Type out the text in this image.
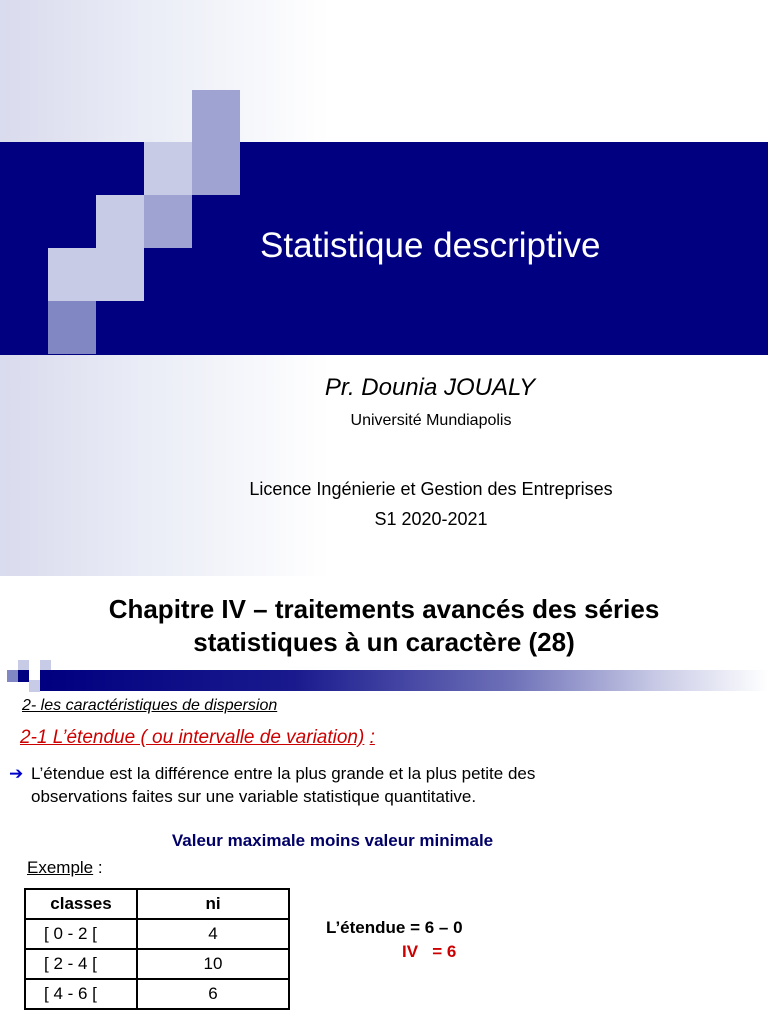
Statistique descriptive
Pr. Dounia JOUALY
Université Mundiapolis
Licence Ingénierie et Gestion des Entreprises
S1 2020-2021
Chapitre IV – traitements avancés des séries
statistiques à un caractère (28)
2- les caractéristiques de dispersion
2-1 L’étendue ( ou intervalle de variation) :
➔ L’étendue est la différence entre la plus grande et la plus petite des
observations faites sur une variable statistique quantitative.
Valeur maximale moins valeur minimale
Exemple :
classes	ni
[ 0 - 2 [	4
[ 2 - 4 [	10
[ 4 - 6 [	6
L’étendue = 6 – 0
IV   = 6
